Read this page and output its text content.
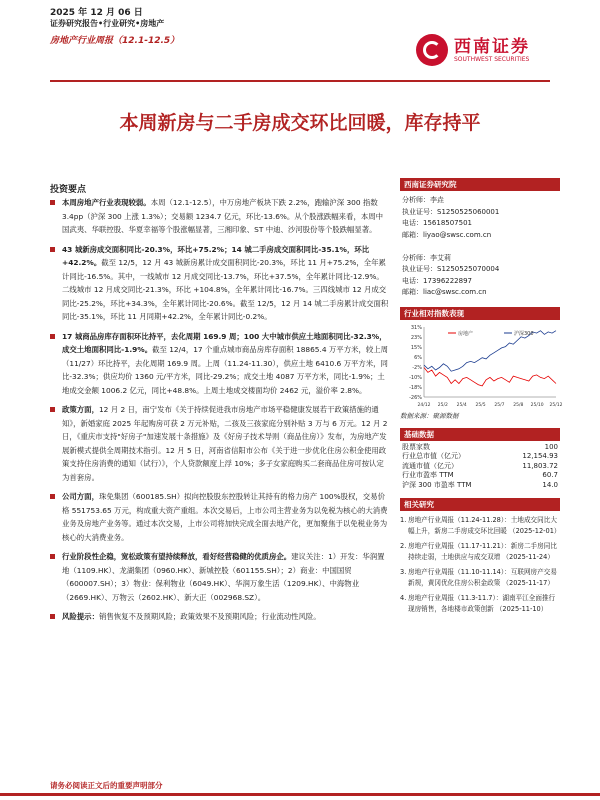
2025 年 12 月 06 日
证券研究报告•行业研究•房地产
房地产行业周报（12.1-12.5）	西南证券
SOUTHWEST SECURITIES
本周新房与二手房成交环比回暖，库存持平
投资要点
本周房地产行业表现较弱。本周（12.1-12.5），中万房地产板块下跌 2.2%，跑输沪深 300 指数 3.4pp（沪深 300 上涨 1.3%）；交易额 1234.7 亿元，环比-13.6%。从个股涨跌幅来看，本周中国武夷、华联控股、华夏幸福等个股涨幅显著，三湘印象、ST 中迪、沙河股份等个股跌幅显著。
43 城新房成交面积同比-20.3%，环比+75.2%；14 城二手房成交面积同比-35.1%，环比+42.2%。截至 12/5，12 月 43 城新房累计成交面积同比-20.3%，环比 11 月+75.2%，全年累计同比-16.5%。其中，一线城市 12 月成交同比-13.7%，环比+37.5%，全年累计同比-12.9%。二线城市 12 月成交同比-21.3%，环比 +104.8%，全年累计同比-16.7%。三四线城市 12 月成交同比-25.2%，环比+34.3%，全年累计同比-20.6%。截至 12/5，12 月 14 城二手房累计成交面积同比-35.1%，环比 11 月同期+42.2%，全年累计同比-0.2%。
17 城商品房库存面积环比持平，去化周期 169.9 周；100 大中城市供应土地面积同比-32.3%，成交土地面积同比-1.9%。截至 12/4，17 个重点城市商品房库存面积 18865.4 万平方米，较上周（11/27）环比持平，去化周期 169.9 周。上周（11.24-11.30），供应土地 6410.6 万平方米，同比-32.3%；供应均价 1360 元/平方米，同比-29.2%；成交土地 4087 万平方米，同比-1.9%；土地成交金额 1006.2 亿元，同比+48.8%。上周土地成交楼面均价 2462 元，溢价率 2.8%。
政策方面，12 月 2 日，南宁发布《关于持续促进我市房地产市场平稳健康发展若干政策措施的通知》，新婚家庭 2025 年起购房可获 2 万元补贴，二孩及三孩家庭分别补贴 3 万与 6 万元。12 月 2 日，《重庆市支持"好房子"加速发展十条措施》及《好房子技术导则（商品住房）》发布，为房地产发展新模式提供全周期技术指引。12 月 5 日，河南省信阳市公布《关于进一步优化住房公积金使用政策支持住房消费的通知（试行）》，个人贷款额度上浮 10%；多子女家庭购买二套商品住房可按认定为首套房。
公司方面，珠免集团（600185.SH）拟向控股股东控股转让其持有的格力房产 100%股权，交易价格 551753.65 万元，构成重大资产重组。本次交易后，上市公司主营业务为以免税为核心的大消费业务及房地产业务等。通过本次交易，上市公司将加快完成全面去地产化，更加聚焦于以免税业务为核心的大消费业务。
行业阶段性企稳，宽松政策有望持续释放，看好经营稳健的优质房企。建议关注：1）开发：华润置地（1109.HK）、龙湖集团（0960.HK）、新城控股（601155.SH）；2）商业：中国国贸（600007.SH）；3）物业：保利物业（6049.HK）、华润万象生活（1209.HK）、中海物业（2669.HK）、万物云（2602.HK）、新大正（002968.SZ）。
风险提示：销售恢复不及预期风险；政策效果不及预期风险；行业流动性风险。
西南证券研究院
分析师：李垚
执业证号：S1250525060001
电话：15618507501
邮箱：liyao@swsc.com.cn
分析师：李艾莉
执业证号：S1250525070004
电话：17396222897
邮箱：liac@swsc.com.cn
行业相对指数表现
31%
23%
15%
6%
-2%
-10%
-18%
-26%
24/12 25/2 25/4 25/5 25/7 25/8 25/10 25/12
房地产	沪深300
数据来源：聚源数据
基础数据
股票家数	100
行业总市值（亿元）	12,154.93
流通市值（亿元）	11,803.72
行业市盈率 TTM	60.7
沪深 300 市盈率 TTM	14.0
相关研究
1. 房地产行业周报（11.24-11.28）：土地成交同比大幅上升，新房二手房成交环比回暖 （2025-12-01）
2. 房地产行业周报（11.17-11.21）：新房二手房同比持续走弱，土地供应与成交双增 （2025-11-24）
3. 房地产行业周报（11.10-11.14）：互联网房产交易新规，黄冈优化住房公积金政策 （2025-11-17）
4. 房地产行业周报（11.3-11.7）：湖南平江全面推行现房销售，各地楼市政策创新 （2025-11-10）
请务必阅读正文后的重要声明部分
